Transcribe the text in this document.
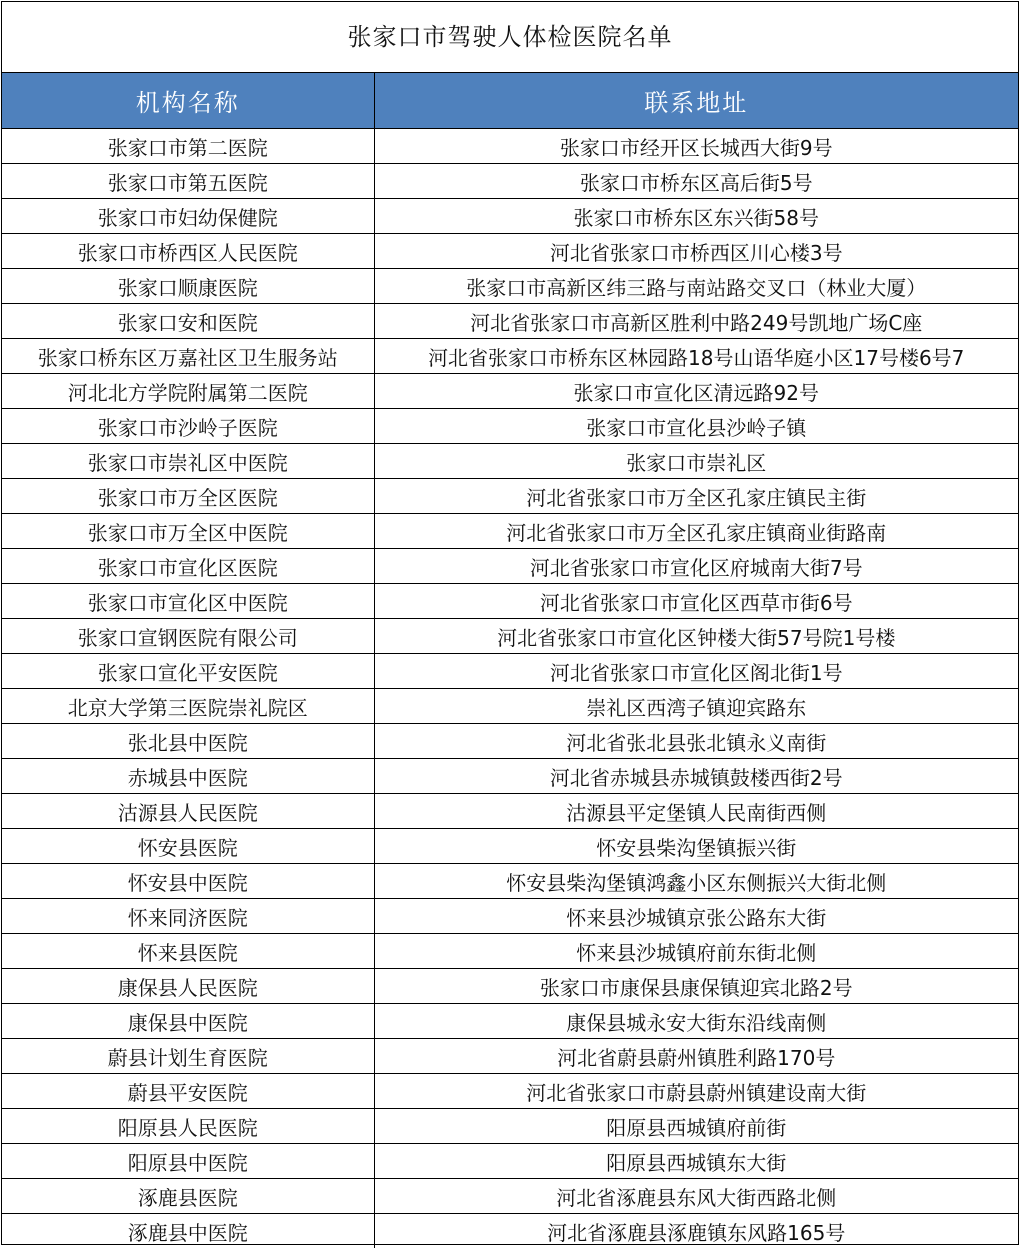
张家口市驾驶人体检医院名单
机构名称	联系地址
张家口市第二医院	张家口市经开区长城西大街9号
张家口市第五医院	张家口市桥东区高后街5号
张家口市妇幼保健院	张家口市桥东区东兴街58号
张家口市桥西区人民医院	河北省张家口市桥西区川心楼3号
张家口顺康医院	张家口市高新区纬三路与南站路交叉口（林业大厦）
张家口安和医院	河北省张家口市高新区胜利中路249号凯地广场C座
张家口桥东区万嘉社区卫生服务站	河北省张家口市桥东区林园路18号山语华庭小区17号楼6号7
河北北方学院附属第二医院	张家口市宣化区清远路92号
张家口市沙岭子医院	张家口市宣化县沙岭子镇
张家口市崇礼区中医院	张家口市崇礼区
张家口市万全区医院	河北省张家口市万全区孔家庄镇民主街
张家口市万全区中医院	河北省张家口市万全区孔家庄镇商业街路南
张家口市宣化区医院	河北省张家口市宣化区府城南大街7号
张家口市宣化区中医院	河北省张家口市宣化区西草市街6号
张家口宣钢医院有限公司	河北省张家口市宣化区钟楼大街57号院1号楼
张家口宣化平安医院	河北省张家口市宣化区阁北街1号
北京大学第三医院崇礼院区	崇礼区西湾子镇迎宾路东
张北县中医院	河北省张北县张北镇永义南街
赤城县中医院	河北省赤城县赤城镇鼓楼西街2号
沽源县人民医院	沽源县平定堡镇人民南街西侧
怀安县医院	怀安县柴沟堡镇振兴街
怀安县中医院	怀安县柴沟堡镇鸿鑫小区东侧振兴大街北侧
怀来同济医院	怀来县沙城镇京张公路东大街
怀来县医院	怀来县沙城镇府前东街北侧
康保县人民医院	张家口市康保县康保镇迎宾北路2号
康保县中医院	康保县城永安大街东沿线南侧
蔚县计划生育医院	河北省蔚县蔚州镇胜利路170号
蔚县平安医院	河北省张家口市蔚县蔚州镇建设南大街
阳原县人民医院	阳原县西城镇府前街
阳原县中医院	阳原县西城镇东大街
涿鹿县医院	河北省涿鹿县东风大街西路北侧
涿鹿县中医院	河北省涿鹿县涿鹿镇东风路165号
